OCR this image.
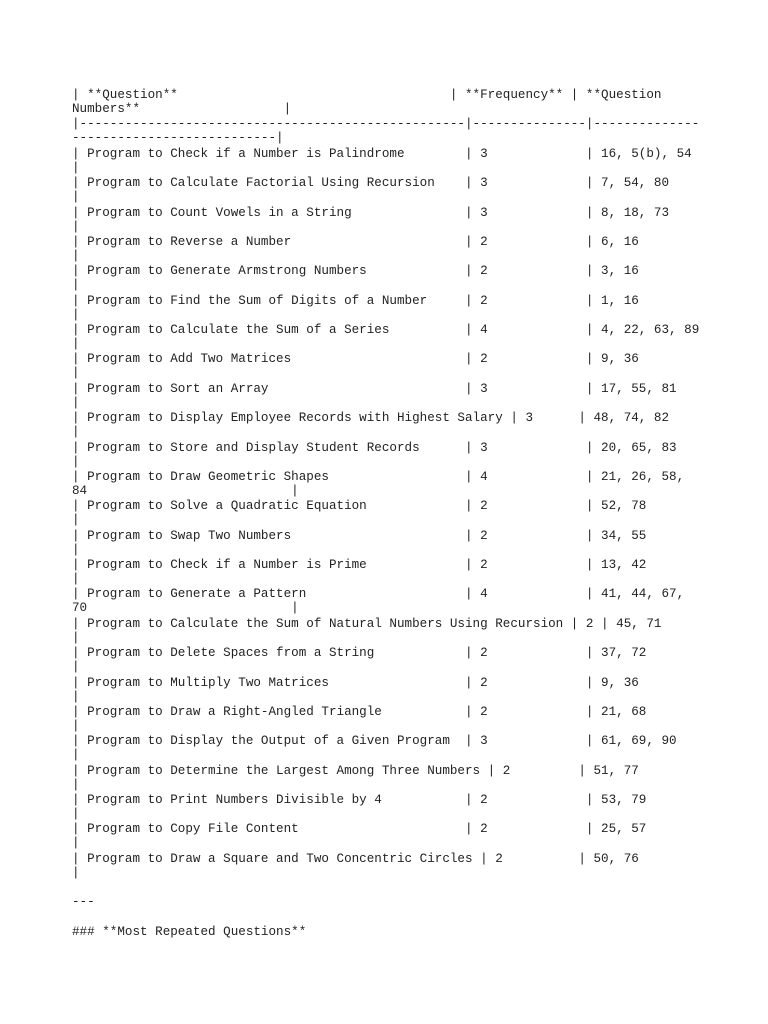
| **Question**                                    | **Frequency** | **Question
Numbers**                   |
|---------------------------------------------------|---------------|--------------
---------------------------|
| Program to Check if a Number is Palindrome        | 3             | 16, 5(b), 54
|
| Program to Calculate Factorial Using Recursion    | 3             | 7, 54, 80
|
| Program to Count Vowels in a String               | 3             | 8, 18, 73
|
| Program to Reverse a Number                       | 2             | 6, 16
|
| Program to Generate Armstrong Numbers             | 2             | 3, 16
|
| Program to Find the Sum of Digits of a Number     | 2             | 1, 16
|
| Program to Calculate the Sum of a Series          | 4             | 4, 22, 63, 89
|
| Program to Add Two Matrices                       | 2             | 9, 36
|
| Program to Sort an Array                          | 3             | 17, 55, 81
|
| Program to Display Employee Records with Highest Salary | 3      | 48, 74, 82
|
| Program to Store and Display Student Records      | 3             | 20, 65, 83
|
| Program to Draw Geometric Shapes                  | 4             | 21, 26, 58,
84                           |
| Program to Solve a Quadratic Equation             | 2             | 52, 78
|
| Program to Swap Two Numbers                       | 2             | 34, 55
|
| Program to Check if a Number is Prime             | 2             | 13, 42
|
| Program to Generate a Pattern                     | 4             | 41, 44, 67,
70                           |
| Program to Calculate the Sum of Natural Numbers Using Recursion | 2 | 45, 71
|
| Program to Delete Spaces from a String            | 2             | 37, 72
|
| Program to Multiply Two Matrices                  | 2             | 9, 36
|
| Program to Draw a Right-Angled Triangle           | 2             | 21, 68
|
| Program to Display the Output of a Given Program  | 3             | 61, 69, 90
|
| Program to Determine the Largest Among Three Numbers | 2         | 51, 77
|
| Program to Print Numbers Divisible by 4           | 2             | 53, 79
|
| Program to Copy File Content                      | 2             | 25, 57
|
| Program to Draw a Square and Two Concentric Circles | 2          | 50, 76
|
---
### **Most Repeated Questions**
